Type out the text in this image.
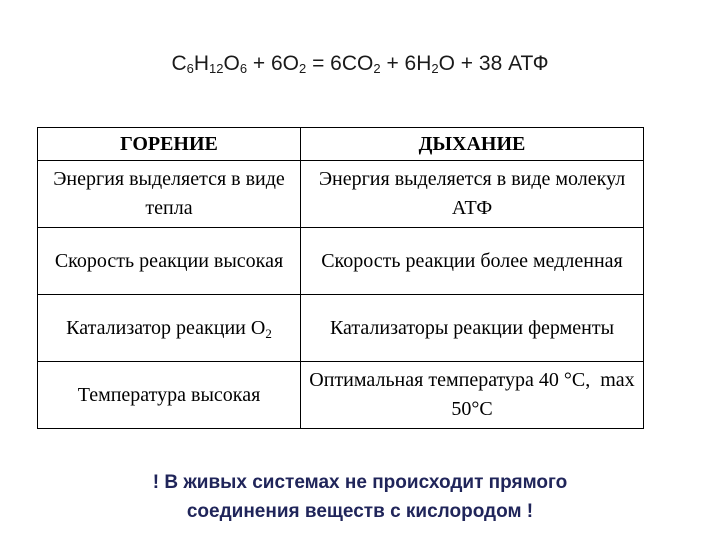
$C_6H_{12}O_6 + 6O_2 = 6CO_2 + 6H_2O + 38$ АТФ
ГОРЕНИЕ	ДЫХАНИЕ
Энергия выделяется в виде тепла	Энергия выделяется в виде молекул АТФ
Скорость реакции высокая	Скорость реакции более медленная
Катализатор реакции $O_2$	Катализаторы реакции ферменты
Температура высокая	Оптимальная температура 40 °С,  max 50°С
! В живых системах не происходит прямого
соединения веществ с кислородом !
